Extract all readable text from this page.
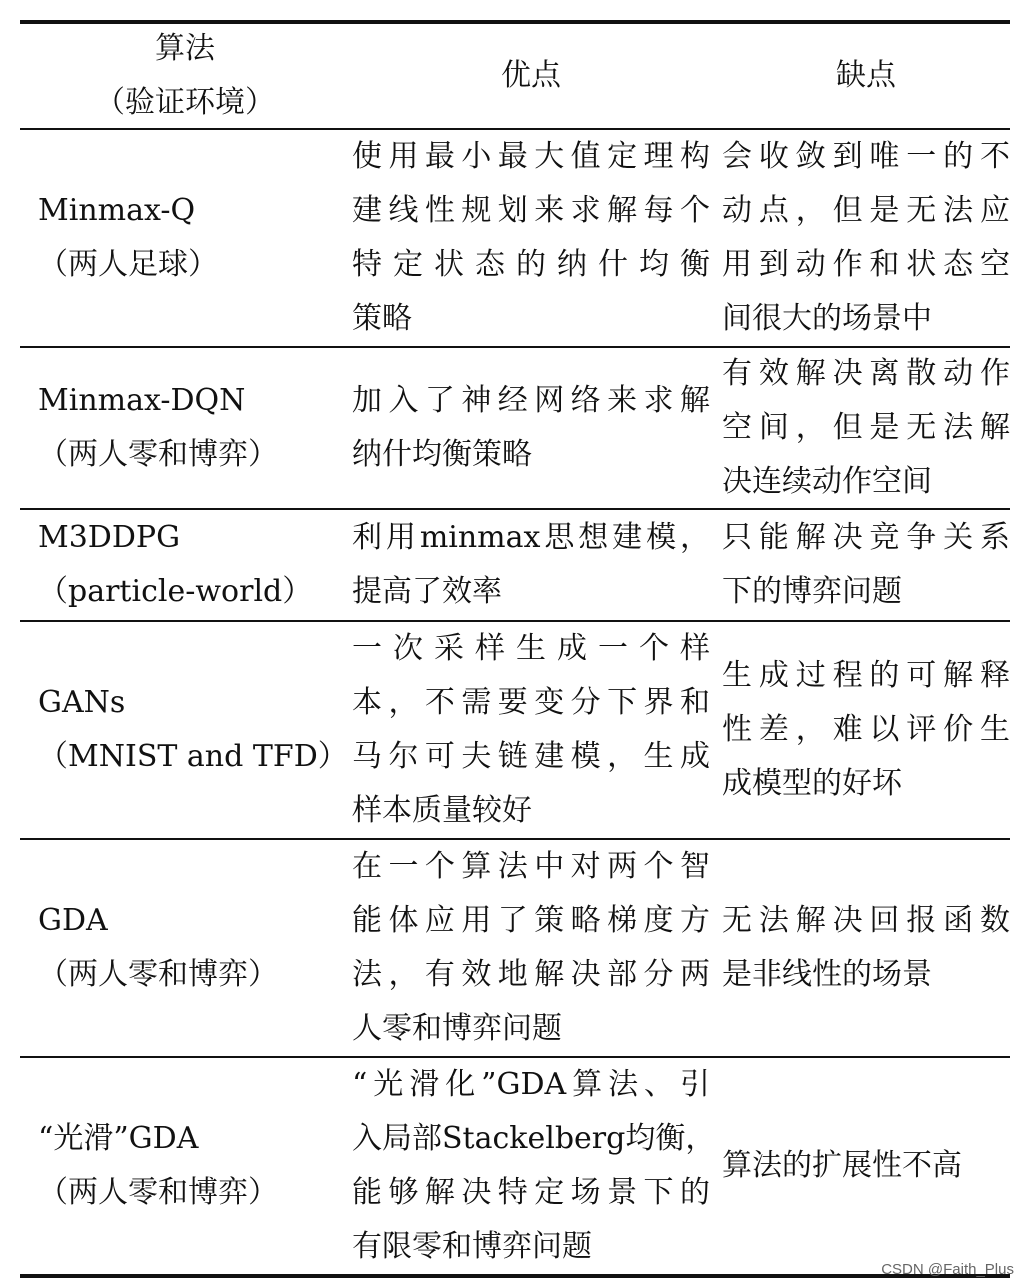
算法
（验证环境）
优点	缺点
Minmax-Q
（两人足球）
使用最小最大值定理构
建线性规划来求解每个
特定状态的纳什均衡
策略
会收敛到唯一的不
动点，但是无法应
用到动作和状态空
间很大的场景中
Minmax-DQN
（两人零和博弈）
加入了神经网络来求解
纳什均衡策略
有效解决离散动作
空间，但是无法解
决连续动作空间
M3DDPG
（particle-world）
利用minmax思想建模，
提高了效率
只能解决竞争关系
下的博弈问题
GANs
（MNIST and TFD）
一次采样生成一个样
本，不需要变分下界和
马尔可夫链建模，生成
样本质量较好
生成过程的可解释
性差，难以评价生
成模型的好坏
GDA
（两人零和博弈）
在一个算法中对两个智
能体应用了策略梯度方
法，有效地解决部分两
人零和博弈问题
无法解决回报函数
是非线性的场景
“光滑”GDA
（两人零和博弈）
“光滑化”GDA算法、引
入局部Stackelberg均衡，
能够解决特定场景下的
有限零和博弈问题
算法的扩展性不高
CSDN @Faith_Plus
